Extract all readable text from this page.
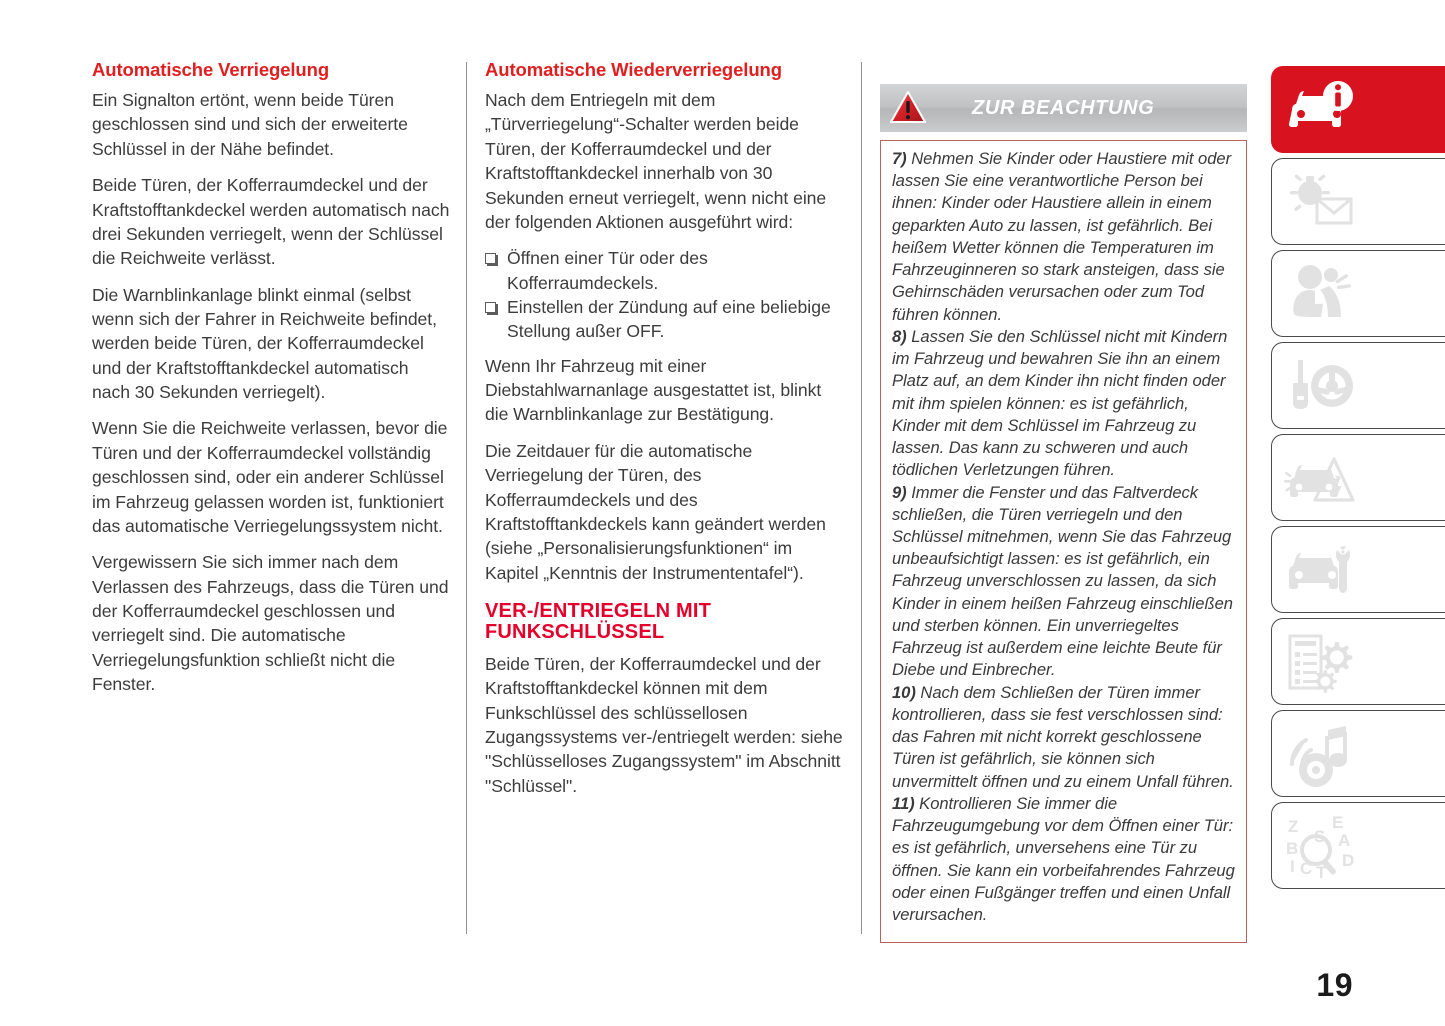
Automatische Verriegelung

Ein Signalton ertönt, wenn beide Türen geschlossen sind und sich der erweiterte Schlüssel in der Nähe befindet.

Beide Türen, der Kofferraumdeckel und der Kraftstofftankdeckel werden automatisch nach drei Sekunden verriegelt, wenn der Schlüssel die Reichweite verlässt.

Die Warnblinkanlage blinkt einmal (selbst wenn sich der Fahrer in Reichweite befindet, werden beide Türen, der Kofferraumdeckel und der Kraftstofftankdeckel automatisch nach 30 Sekunden verriegelt).

Wenn Sie die Reichweite verlassen, bevor die Türen und der Kofferraumdeckel vollständig geschlossen sind, oder ein anderer Schlüssel im Fahrzeug gelassen worden ist, funktioniert das automatische Verriegelungssystem nicht.

Vergewissern Sie sich immer nach dem Verlassen des Fahrzeugs, dass die Türen und der Kofferraumdeckel geschlossen und verriegelt sind. Die automatische Verriegelungsfunktion schließt nicht die Fenster.

Automatische Wiederverriegelung

Nach dem Entriegeln mit dem „Türverriegelung“-Schalter werden beide Türen, der Kofferraumdeckel und der Kraftstofftankdeckel innerhalb von 30 Sekunden erneut verriegelt, wenn nicht eine der folgenden Aktionen ausgeführt wird:

Öffnen einer Tür oder des Kofferraumdeckels.
Einstellen der Zündung auf eine beliebige Stellung außer OFF.

Wenn Ihr Fahrzeug mit einer Diebstahlwarnanlage ausgestattet ist, blinkt die Warnblinkanlage zur Bestätigung.

Die Zeitdauer für die automatische Verriegelung der Türen, des Kofferraumdeckels und des Kraftstofftankdeckels kann geändert werden (siehe „Personalisierungsfunktionen“ im Kapitel „Kenntnis der Instrumententafel“).

VER-/ENTRIEGELN MIT FUNKSCHLÜSSEL

Beide Türen, der Kofferraumdeckel und der Kraftstofftankdeckel können mit dem Funkschlüssel des schlüssellosen Zugangssystems ver-/entriegelt werden: siehe "Schlüsselloses Zugangssystem" im Abschnitt "Schlüssel".

ZUR BEACHTUNG

7) Nehmen Sie Kinder oder Haustiere mit oder lassen Sie eine verantwortliche Person bei ihnen: Kinder oder Haustiere allein in einem geparkten Auto zu lassen, ist gefährlich. Bei heißem Wetter können die Temperaturen im Fahrzeuginneren so stark ansteigen, dass sie Gehirnschäden verursachen oder zum Tod führen können.

8) Lassen Sie den Schlüssel nicht mit Kindern im Fahrzeug und bewahren Sie ihn an einem Platz auf, an dem Kinder ihn nicht finden oder mit ihm spielen können: es ist gefährlich, Kinder mit dem Schlüssel im Fahrzeug zu lassen. Das kann zu schweren und auch tödlichen Verletzungen führen.

9) Immer die Fenster und das Faltverdeck schließen, die Türen verriegeln und den Schlüssel mitnehmen, wenn Sie das Fahrzeug unbeaufsichtigt lassen: es ist gefährlich, ein Fahrzeug unverschlossen zu lassen, da sich Kinder in einem heißen Fahrzeug einschließen und sterben können. Ein unverriegeltes Fahrzeug ist außerdem eine leichte Beute für Diebe und Einbrecher.

10) Nach dem Schließen der Türen immer kontrollieren, dass sie fest verschlossen sind: das Fahren mit nicht korrekt geschlossene Türen ist gefährlich, sie können sich unvermittelt öffnen und zu einem Unfall führen.

11) Kontrollieren Sie immer die Fahrzeugumgebung vor dem Öffnen einer Tür: es ist gefährlich, unversehens eine Tür zu öffnen. Sie kann ein vorbeifahrendes Fahrzeug oder einen Fußgänger treffen und einen Unfall verursachen.

Z E
B A
I C T
D
S
19
